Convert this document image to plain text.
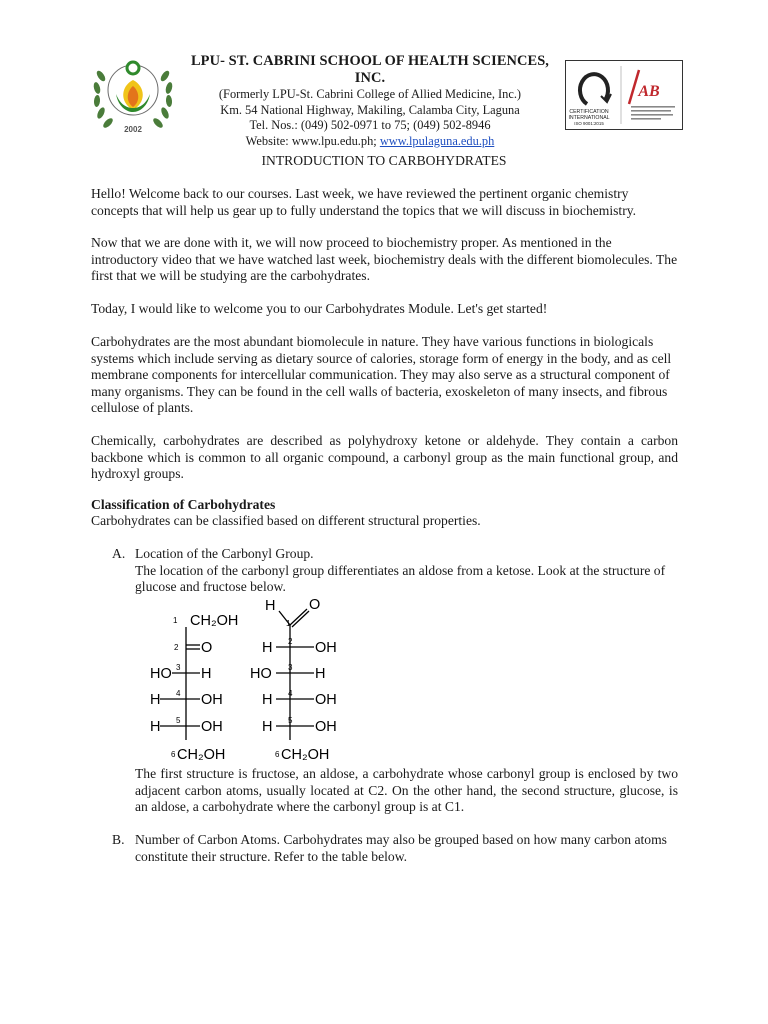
2002
LPU- ST. CABRINI SCHOOL OF HEALTH SCIENCES, INC.
(Formerly LPU-St. Cabrini College of Allied Medicine, Inc.)
Km. 54 National Highway, Makiling, Calamba City, Laguna
Tel. Nos.: (049) 502-0971 to 75; (049) 502-8946
Website: www.lpu.edu.ph; www.lpulaguna.edu.ph
CERTIFICATION
INTERNATIONAL
ISO 9001:2015
AB
INTRODUCTION TO CARBOHYDRATES

Hello! Welcome back to our courses. Last week, we have reviewed the pertinent organic chemistry concepts that will help us gear up to fully understand the topics that we will discuss in biochemistry.

Now that we are done with it, we will now proceed to biochemistry proper. As mentioned in the introductory video that we have watched last week, biochemistry deals with the different biomolecules. The first that we will be studying are the carbohydrates.

Today, I would like to welcome you to our Carbohydrates Module. Let's get started!

Carbohydrates are the most abundant biomolecule in nature. They have various functions in biologicals systems which include serving as dietary source of calories, storage form of energy in the body, and as cell membrane components for intercellular communication. They may also serve as a structural component of many organisms. They can be found in the cell walls of bacteria, exoskeleton of many insects, and fibrous cellulose of plants.

Chemically, carbohydrates are described as polyhydroxy ketone or aldehyde. They contain a carbon backbone which is common to all organic compound, a carbonyl group as the main functional group, and hydroxyl groups.

Classification of Carbohydrates

Carbohydrates can be classified based on different structural properties.

A. Location of the Carbonyl Group.
The location of the carbonyl group differentiates an aldose from a ketose. Look at the structure of glucose and fructose below.
1 CH₂OH
2 O
3
HO H
4
H	OH
5
H	OH
6 CH₂OH
H O
1
2
H	OH
3
HO	H
4
H	OH
5
H	OH
6 CH₂OH

The first structure is fructose, an aldose, a carbohydrate whose carbonyl group is enclosed by two adjacent carbon atoms, usually located at C2. On the other hand, the second structure, glucose, is an aldose, a carbohydrate where the carbonyl group is at C1.

B. Number of Carbon Atoms. Carbohydrates may also be grouped based on how many carbon atoms constitute their structure. Refer to the table below.
